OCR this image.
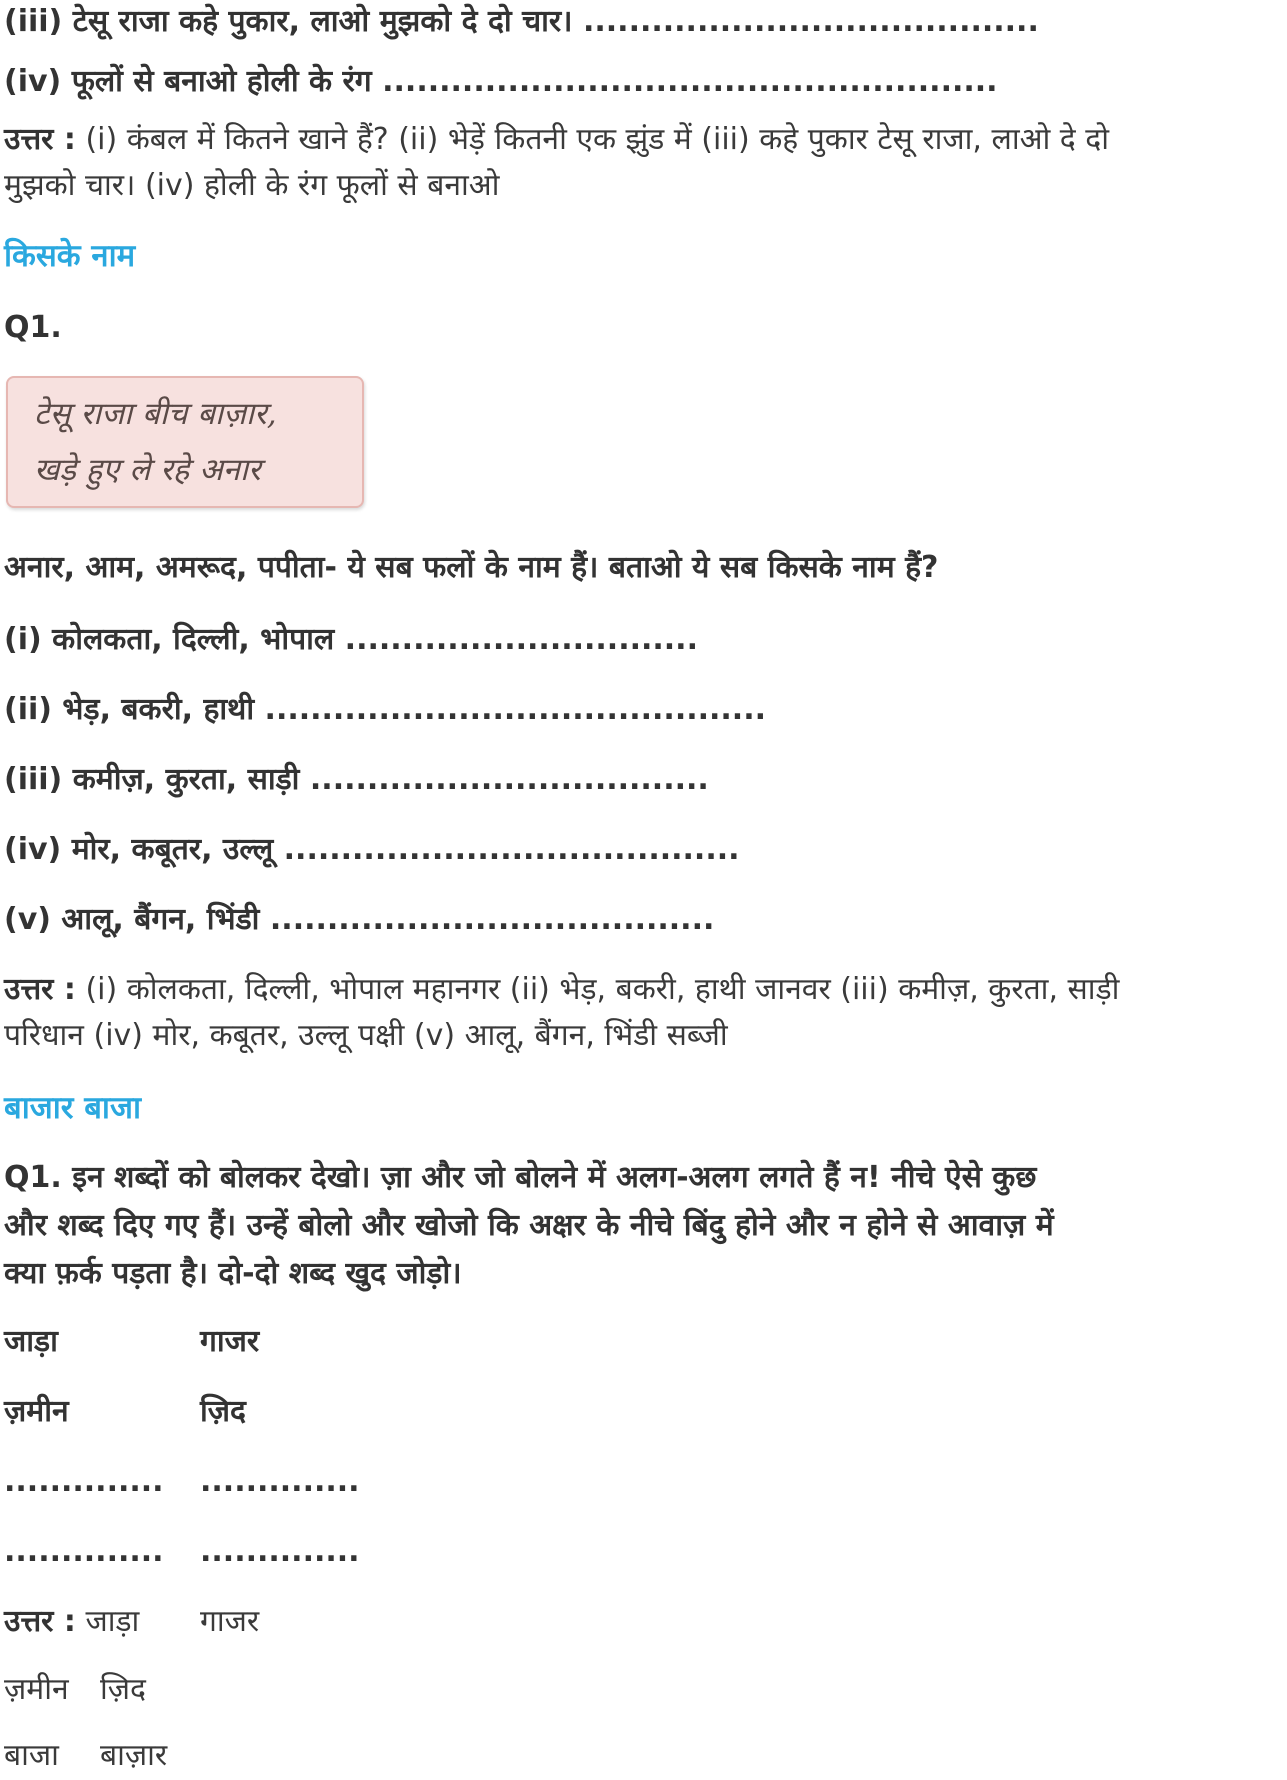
(iii) टेसू राजा कहे पुकार, लाओ मुझको दे दो चार। ........................................
(iv) फूलों से बनाओ होली के रंग ......................................................
उत्तर : (i) कंबल में कितने खाने हैं? (ii) भेड़ें कितनी एक झुंड में (iii) कहे पुकार टेसू राजा, लाओ दे दो
मुझको चार। (iv) होली के रंग फूलों से बनाओ
किसके नाम
Q1.
टेसू राजा बीच बाज़ार,
खड़े हुए ले रहे अनार
अनार, आम, अमरूद, पपीता- ये सब फलों के नाम हैं। बताओ ये सब किसके नाम हैं?
(i) कोलकता, दिल्ली, भोपाल ...............................
(ii) भेड़, बकरी, हाथी ............................................
(iii) कमीज़, कुरता, साड़ी ...................................
(iv) मोर, कबूतर, उल्लू ........................................
(v) आलू, बैंगन, भिंडी .......................................
उत्तर : (i) कोलकता, दिल्ली, भोपाल महानगर (ii) भेड़, बकरी, हाथी जानवर (iii) कमीज़, कुरता, साड़ी
परिधान (iv) मोर, कबूतर, उल्लू पक्षी (v) आलू, बैंगन, भिंडी सब्जी
बाजार बाजा
Q1. इन शब्दों को बोलकर देखो। ज़ा और जो बोलने में अलग-अलग लगते हैं न! नीचे ऐसे कुछ
और शब्द दिए गए हैं। उन्हें बोलो और खोजो कि अक्षर के नीचे बिंदु होने और न होने से आवाज़ में
क्या फ़र्क पड़ता है। दो-दो शब्द खुद जोड़ो।
जाड़ा	गाजर
ज़मीन	ज़िद
.............. ..............
.............. ..............
उत्तर : जाड़ा गाजर
ज़मीन ज़िद
बाजा बाज़ार
